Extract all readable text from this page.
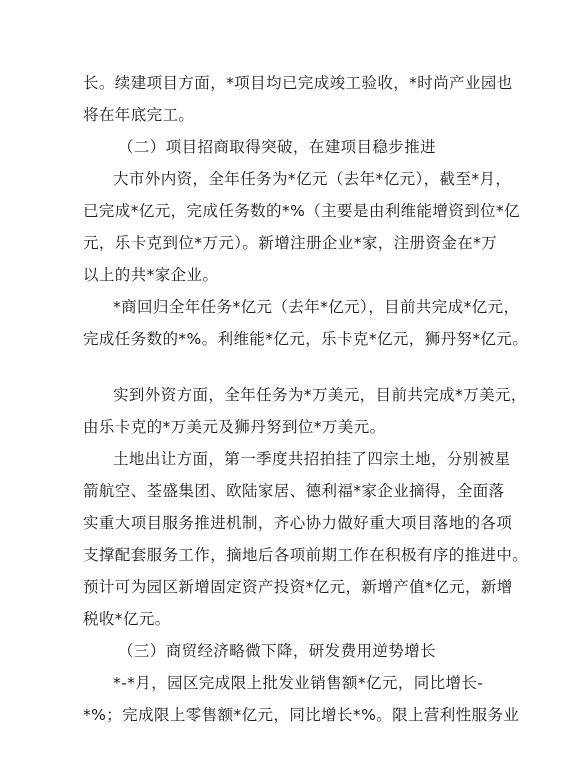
长。续建项目方面，*项目均已完成竣工验收，*时尚产业园也
将在年底完工。
（二）项目招商取得突破，在建项目稳步推进
大市外内资，全年任务为*亿元（去年*亿元），截至*月，
已完成*亿元，完成任务数的*%（主要是由利维能增资到位*亿
元，乐卡克到位*万元）。新增注册企业*家，注册资金在*万
以上的共*家企业。
*商回归全年任务*亿元（去年*亿元），目前共完成*亿元，
完成任务数的*%。利维能*亿元，乐卡克*亿元，狮丹努*亿元。
实到外资方面，全年任务为*万美元，目前共完成*万美元，
由乐卡克的*万美元及狮丹努到位*万美元。
土地出让方面，第一季度共招拍挂了四宗土地，分别被星
箭航空、荃盛集团、欧陆家居、德利福*家企业摘得，全面落
实重大项目服务推进机制，齐心协力做好重大项目落地的各项
支撑配套服务工作，摘地后各项前期工作在积极有序的推进中。
预计可为园区新增固定资产投资*亿元，新增产值*亿元，新增
税收*亿元。
（三）商贸经济略微下降，研发费用逆势增长
*-*月，园区完成限上批发业销售额*亿元，同比增长-
*%；完成限上零售额*亿元，同比增长*%。限上营利性服务业
